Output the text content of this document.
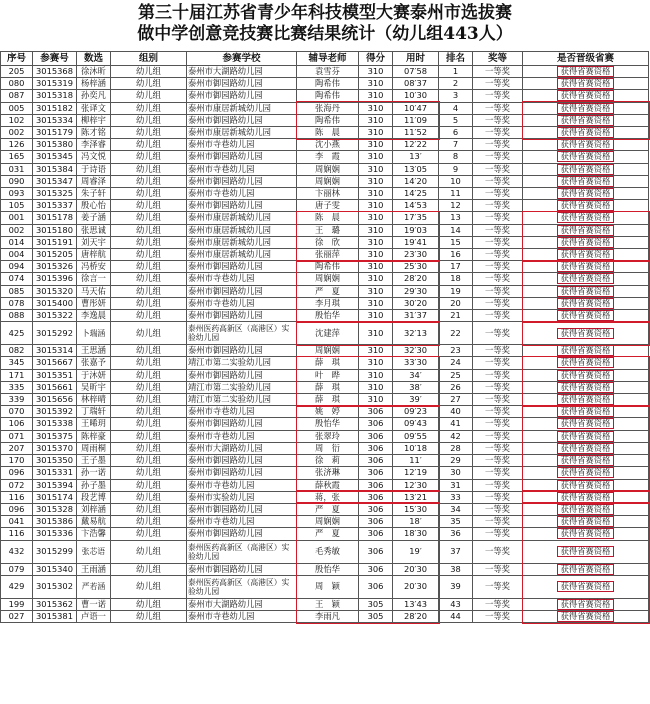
第三十届江苏省青少年科技模型大赛泰州市选拔赛
做中学创意竞技赛比赛结果统计（幼儿组443人）
序号	参赛号	数选	组别	参赛学校	辅导老师	得分	用时	排名	奖等	是否晋级省赛
205	3015368	徐沐昕	幼儿组	泰州市大湖路幼儿园	袁雪芬	310	07′58	1	一等奖	获得省赛资格
080	3015319	杨梓涵	幼儿组	泰州市御园路幼儿园	陶希伟	310	08′37	2	一等奖	获得省赛资格
087	3015318	孙奕凡	幼儿组	泰州市御园路幼儿园	陶希伟	310	10′30	3	一等奖	获得省赛资格
005	3015182	张译文	幼儿组	泰州市康居新城幼儿园	张海丹	310	10′47	4	一等奖	获得省赛资格
102	3015334	柳梓宇	幼儿组	泰州市御园路幼儿园	陶希伟	310	11′09	5	一等奖	获得省赛资格
002	3015179	陈才铭	幼儿组	泰州市康居新城幼儿园	陈　晨	310	11′52	6	一等奖	获得省赛资格
126	3015380	李泽睿	幼儿组	泰州市寺巷幼儿园	沈小燕	310	12′22	7	一等奖	获得省赛资格
165	3015345	冯文悦	幼儿组	泰州市御园路幼儿园	李　霞	310	13′	8	一等奖	获得省赛资格
031	3015384	于诗语	幼儿组	泰州市寺巷幼儿园	周娴娴	310	13′05	9	一等奖	获得省赛资格
090	3015347	周睿泽	幼儿组	泰州市御园路幼儿园	周娴娴	310	14′20	10	一等奖	获得省赛资格
093	3015325	朱子轩	幼儿组	泰州市寺巷幼儿园	卞丽林	310	14′25	11	一等奖	获得省赛资格
105	3015337	殷心怡	幼儿组	泰州市御园路幼儿园	唐子雯	310	14′53	12	一等奖	获得省赛资格
001	3015178	姜子涵	幼儿组	泰州市康居新城幼儿园	陈　晨	310	17′35	13	一等奖	获得省赛资格
002	3015180	张思诚	幼儿组	泰州市康居新城幼儿园	王　璐	310	19′03	14	一等奖	获得省赛资格
014	3015191	刘天宇	幼儿组	泰州市康居新城幼儿园	徐　欣	310	19′41	15	一等奖	获得省赛资格
004	3015205	唐梓航	幼儿组	泰州市康居新城幼儿园	张丽萍	310	23′30	16	一等奖	获得省赛资格
094	3015326	冯桥安	幼儿组	泰州市御园路幼儿园	陶希伟	310	25′30	17	一等奖	获得省赛资格
074	3015396	徐言一	幼儿组	泰州市寺巷幼儿园	周娴娴	310	28′20	18	一等奖	获得省赛资格
085	3015320	马天佑	幼儿组	泰州市御园路幼儿园	严　夏	310	29′30	19	一等奖	获得省赛资格
078	3015400	曹彤妍	幼儿组	泰州市寺巷幼儿园	李月琪	310	30′20	20	一等奖	获得省赛资格
088	3015322	李逸晨	幼儿组	泰州市御园路幼儿园	殷怡华	310	31′37	21	一等奖	获得省赛资格
425	3015292	卜瑞涵	幼儿组	泰州医药高新区（高港区）实验幼儿园	沈建萍	310	32′13	22	一等奖	获得省赛资格
082	3015314	王思涵	幼儿组	泰州市御园路幼儿园	周娴娴	310	32′30	23	一等奖	获得省赛资格
345	3015667	张嘉予	幼儿组	靖江市第二实验幼儿园	薛　琪	310	33′30	24	一等奖	获得省赛资格
171	3015351	于沐妍	幼儿组	泰州市御园路幼儿园	叶　晔	310	34′	25	一等奖	获得省赛资格
335	3015661	吴昕宇	幼儿组	靖江市第二实验幼儿园	薛　琪	310	38′	26	一等奖	获得省赛资格
339	3015656	林梓晴	幼儿组	靖江市第二实验幼儿园	薛　琪	310	39′	27	一等奖	获得省赛资格
070	3015392	丁瑞轩	幼儿组	泰州市寺巷幼儿园	姚　婷	306	09′23	40	一等奖	获得省赛资格
106	3015338	王晞玥	幼儿组	泰州市御园路幼儿园	殷怡华	306	09′43	41	一等奖	获得省赛资格
071	3015375	陈梓豪	幼儿组	泰州市寺巷幼儿园	张翠玲	306	09′55	42	一等奖	获得省赛资格
207	3015370	周雨桐	幼儿组	泰州市大湖路幼儿园	周　衍	306	10′18	28	一等奖	获得省赛资格
170	3015350	王子墨	幼儿组	泰州市御园路幼儿园	徐　莉	306	11′	29	一等奖	获得省赛资格
096	3015331	孙一诺	幼儿组	泰州市御园路幼儿园	张济琳	306	12′19	30	一等奖	获得省赛资格
072	3015394	孙子墨	幼儿组	泰州市寺巷幼儿园	薛秋霞	306	12′30	31	一等奖	获得省赛资格
116	3015174	段艺博	幼儿组	泰州市实验幼儿园	蒋，张	306	13′21	33	一等奖	获得省赛资格
096	3015328	刘梓涵	幼儿组	泰州市御园路幼儿园	严　夏	306	15′30	34	一等奖	获得省赛资格
041	3015386	戴易航	幼儿组	泰州市寺巷幼儿园	周娴娴	306	18′	35	一等奖	获得省赛资格
116	3015336	卞浩馨	幼儿组	泰州市御园路幼儿园	严　夏	306	18′30	36	一等奖	获得省赛资格
432	3015299	张芯语	幼儿组	泰州医药高新区（高港区）实验幼儿园	毛秀敏	306	19′	37	一等奖	获得省赛资格
079	3015340	王雨涵	幼儿组	泰州市御园路幼儿园	殷怡华	306	20′30	38	一等奖	获得省赛资格
429	3015302	严若涵	幼儿组	泰州医药高新区（高港区）实验幼儿园	周　颖	306	20′30	39	一等奖	获得省赛资格
199	3015362	曹一诺	幼儿组	泰州市大湖路幼儿园	王　颖	305	13′43	43	一等奖	获得省赛资格
027	3015381	卢语一	幼儿组	泰州市寺巷幼儿园	李雨凡	305	28′20	44	一等奖	获得省赛资格
